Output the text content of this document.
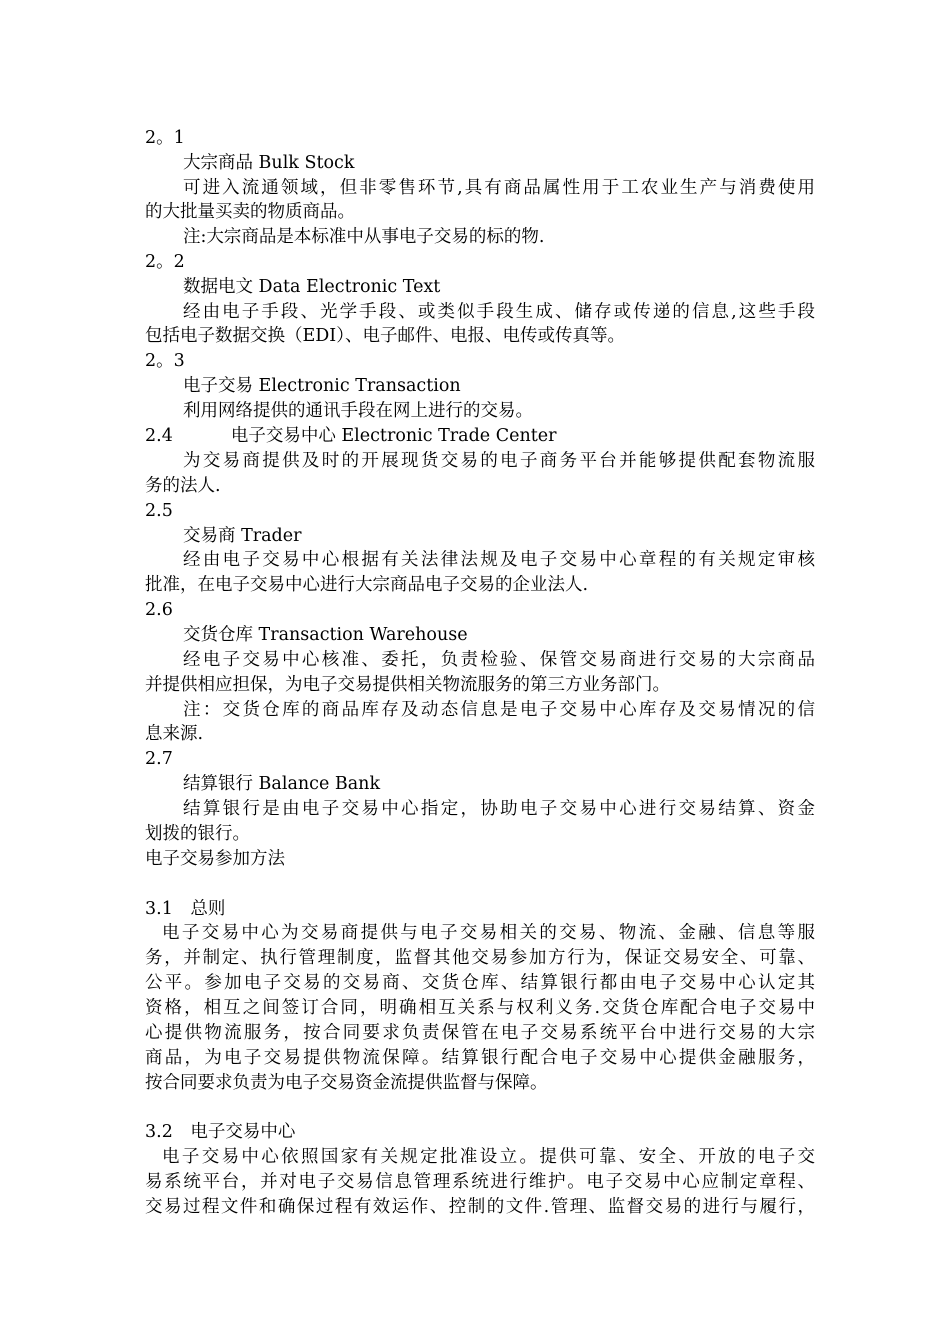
2。1
大宗商品 Bulk Stock
可进入流通领域，但非零售环节,具有商品属性用于工农业生产与消费使用
的大批量买卖的物质商品。
注:大宗商品是本标准中从事电子交易的标的物.
2。2
数据电文 Data Electronic Text
经由电子手段、光学手段、或类似手段生成、储存或传递的信息,这些手段
包括电子数据交换（EDI）、电子邮件、电报、电传或传真等。
2。3
电子交易 Electronic Transaction
利用网络提供的通讯手段在网上进行的交易。
2.4	电子交易中心 Electronic Trade Center
为交易商提供及时的开展现货交易的电子商务平台并能够提供配套物流服
务的法人.
2.5
交易商 Trader
经由电子交易中心根据有关法律法规及电子交易中心章程的有关规定审核
批准，在电子交易中心进行大宗商品电子交易的企业法人.
2.6
交货仓库 Transaction Warehouse
经电子交易中心核准、委托，负责检验、保管交易商进行交易的大宗商品
并提供相应担保，为电子交易提供相关物流服务的第三方业务部门。
注：交货仓库的商品库存及动态信息是电子交易中心库存及交易情况的信
息来源.
2.7
结算银行 Balance Bank
结算银行是由电子交易中心指定，协助电子交易中心进行交易结算、资金
划拨的银行。
电子交易参加方法
3.1　总则
电子交易中心为交易商提供与电子交易相关的交易、物流、金融、信息等服
务，并制定、执行管理制度，监督其他交易参加方行为，保证交易安全、可靠、
公平。参加电子交易的交易商、交货仓库、结算银行都由电子交易中心认定其
资格，相互之间签订合同，明确相互关系与权利义务.交货仓库配合电子交易中
心提供物流服务，按合同要求负责保管在电子交易系统平台中进行交易的大宗
商品，为电子交易提供物流保障。结算银行配合电子交易中心提供金融服务，
按合同要求负责为电子交易资金流提供监督与保障。
3.2　电子交易中心
电子交易中心依照国家有关规定批准设立。提供可靠、安全、开放的电子交
易系统平台，并对电子交易信息管理系统进行维护。电子交易中心应制定章程、
交易过程文件和确保过程有效运作、控制的文件.管理、监督交易的进行与履行，
